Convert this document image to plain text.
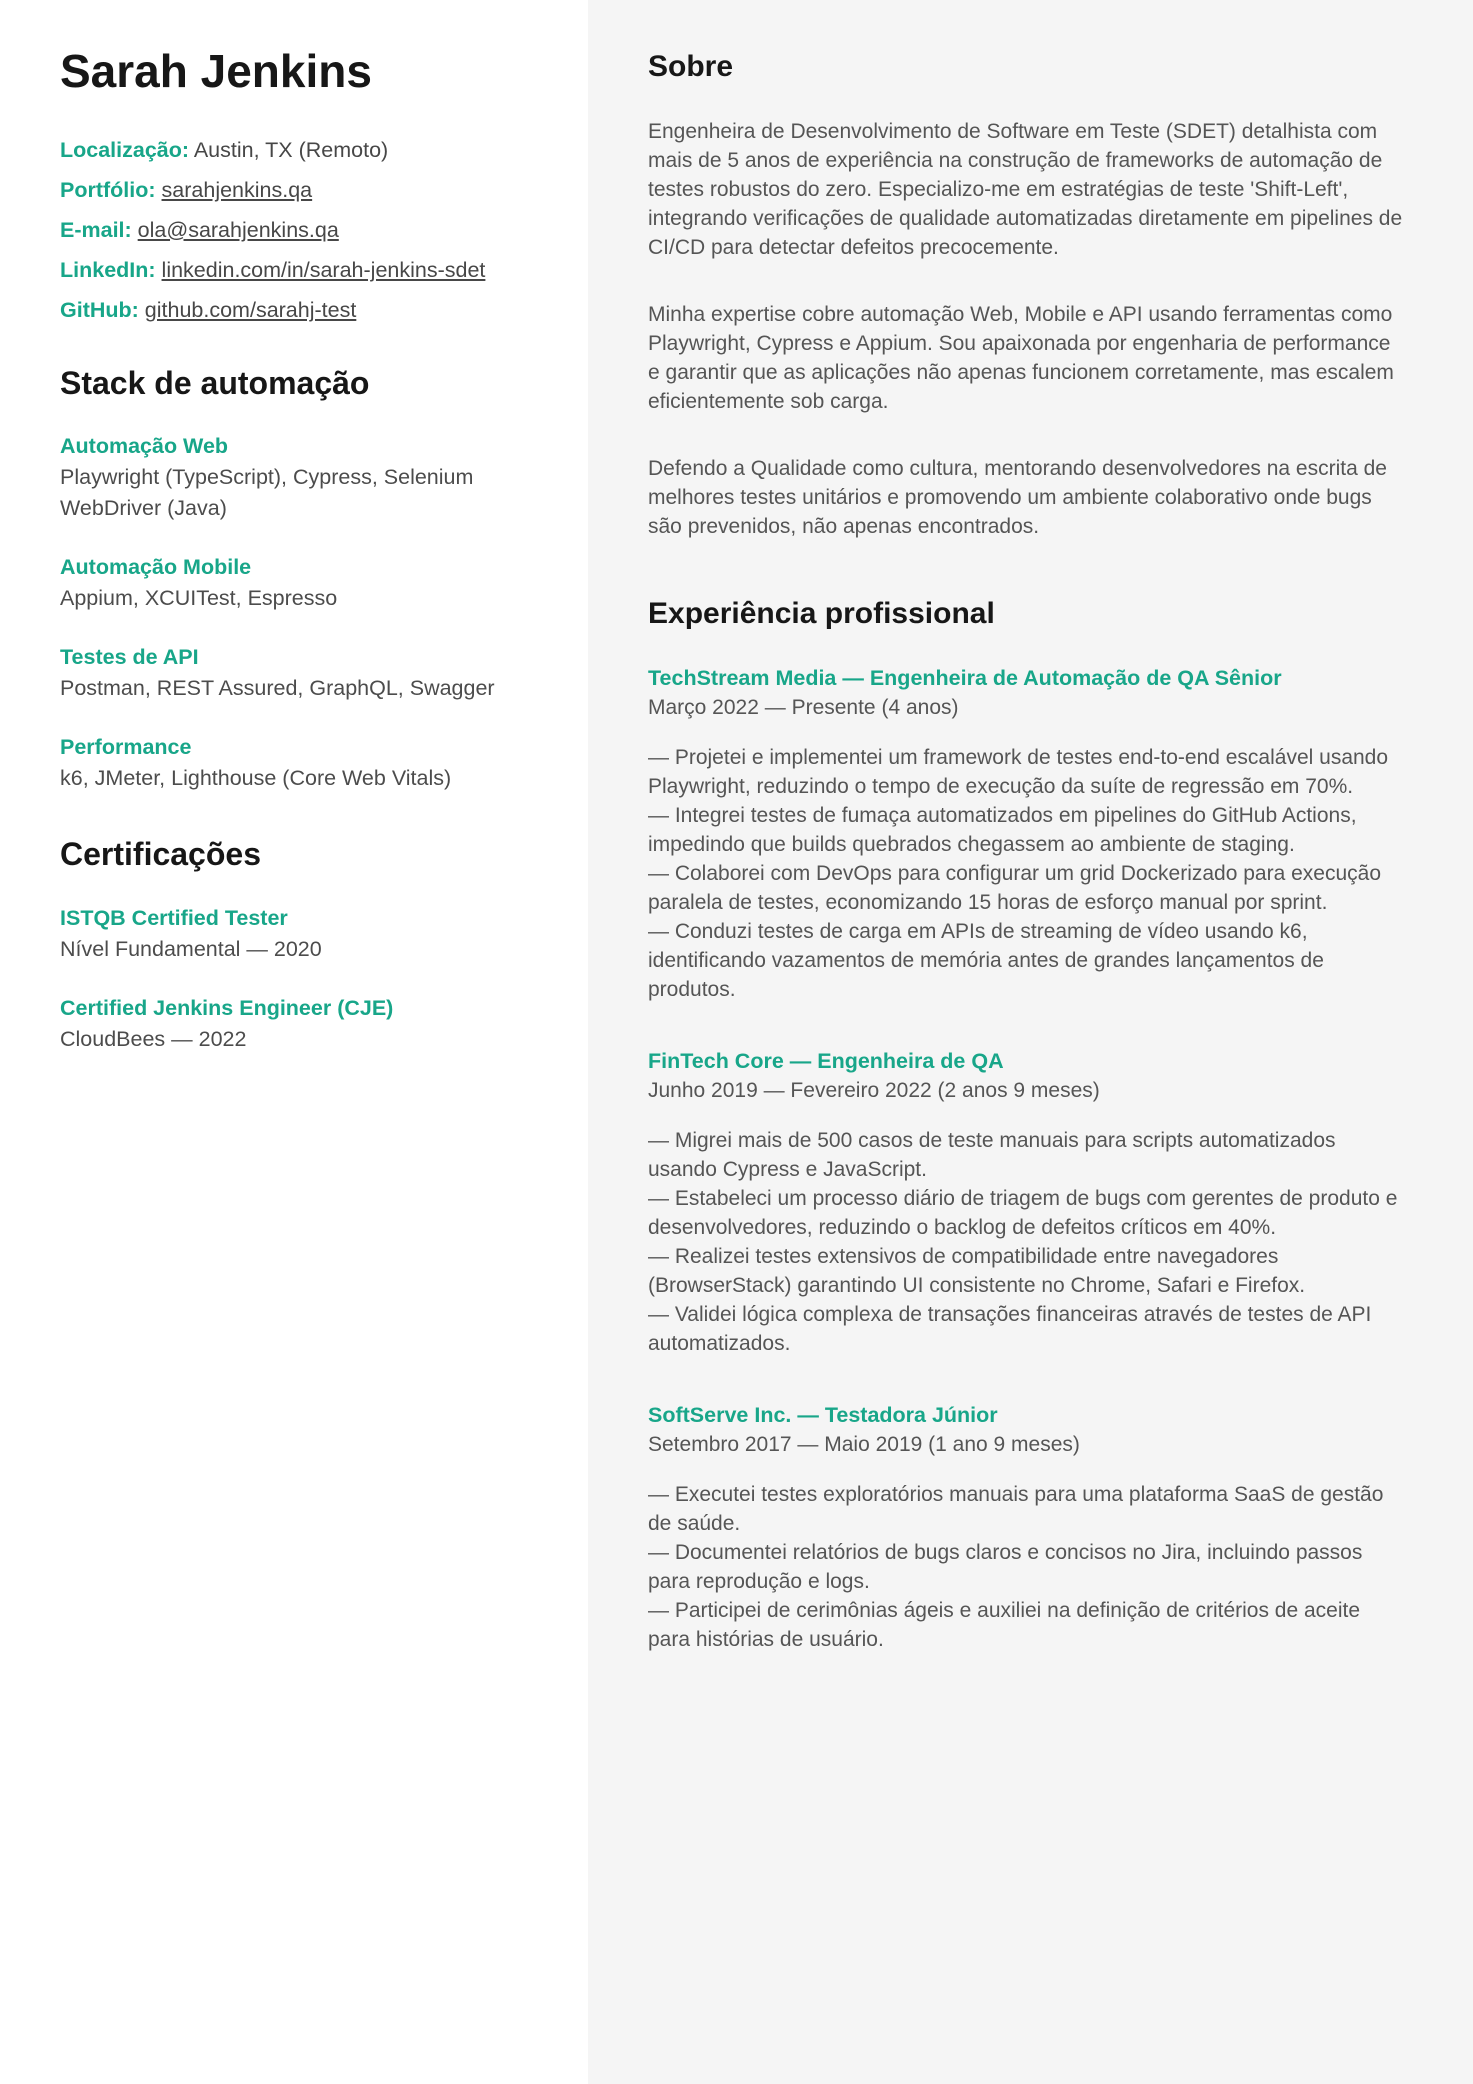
Sarah Jenkins

Localização: Austin, TX (Remoto)

Portfólio: sarahjenkins.qa

E-mail: ola@sarahjenkins.qa

LinkedIn: linkedin.com/in/sarah-jenkins-sdet

GitHub: github.com/sarahj-test

Stack de automação

Automação Web

Playwright (TypeScript), Cypress, Selenium WebDriver (Java)

Automação Mobile

Appium, XCUITest, Espresso

Testes de API

Postman, REST Assured, GraphQL, Swagger

Performance

k6, JMeter, Lighthouse (Core Web Vitals)

Certificações

ISTQB Certified Tester

Nível Fundamental — 2020

Certified Jenkins Engineer (CJE)

CloudBees — 2022

Sobre

Engenheira de Desenvolvimento de Software em Teste (SDET) detalhista com mais de 5 anos de experiência na construção de frameworks de automação de testes robustos do zero. Especializo-me em estratégias de teste 'Shift-Left', integrando verificações de qualidade automatizadas diretamente em pipelines de CI/CD para detectar defeitos precocemente.

Minha expertise cobre automação Web, Mobile e API usando ferramentas como Playwright, Cypress e Appium. Sou apaixonada por engenharia de performance e garantir que as aplicações não apenas funcionem corretamente, mas escalem eficientemente sob carga.

Defendo a Qualidade como cultura, mentorando desenvolvedores na escrita de melhores testes unitários e promovendo um ambiente colaborativo onde bugs são prevenidos, não apenas encontrados.

Experiência profissional

TechStream Media — Engenheira de Automação de QA Sênior

Março 2022 — Presente (4 anos)

— Projetei e implementei um framework de testes end-to-end escalável usando Playwright, reduzindo o tempo de execução da suíte de regressão em 70%.

— Integrei testes de fumaça automatizados em pipelines do GitHub Actions, impedindo que builds quebrados chegassem ao ambiente de staging.

— Colaborei com DevOps para configurar um grid Dockerizado para execução paralela de testes, economizando 15 horas de esforço manual por sprint.

— Conduzi testes de carga em APIs de streaming de vídeo usando k6, identificando vazamentos de memória antes de grandes lançamentos de produtos.

FinTech Core — Engenheira de QA

Junho 2019 — Fevereiro 2022 (2 anos 9 meses)

— Migrei mais de 500 casos de teste manuais para scripts automatizados usando Cypress e JavaScript.

— Estabeleci um processo diário de triagem de bugs com gerentes de produto e desenvolvedores, reduzindo o backlog de defeitos críticos em 40%.

— Realizei testes extensivos de compatibilidade entre navegadores (BrowserStack) garantindo UI consistente no Chrome, Safari e Firefox.

— Validei lógica complexa de transações financeiras através de testes de API automatizados.

SoftServe Inc. — Testadora Júnior

Setembro 2017 — Maio 2019 (1 ano 9 meses)

— Executei testes exploratórios manuais para uma plataforma SaaS de gestão de saúde.

— Documentei relatórios de bugs claros e concisos no Jira, incluindo passos para reprodução e logs.

— Participei de cerimônias ágeis e auxiliei na definição de critérios de aceite para histórias de usuário.
